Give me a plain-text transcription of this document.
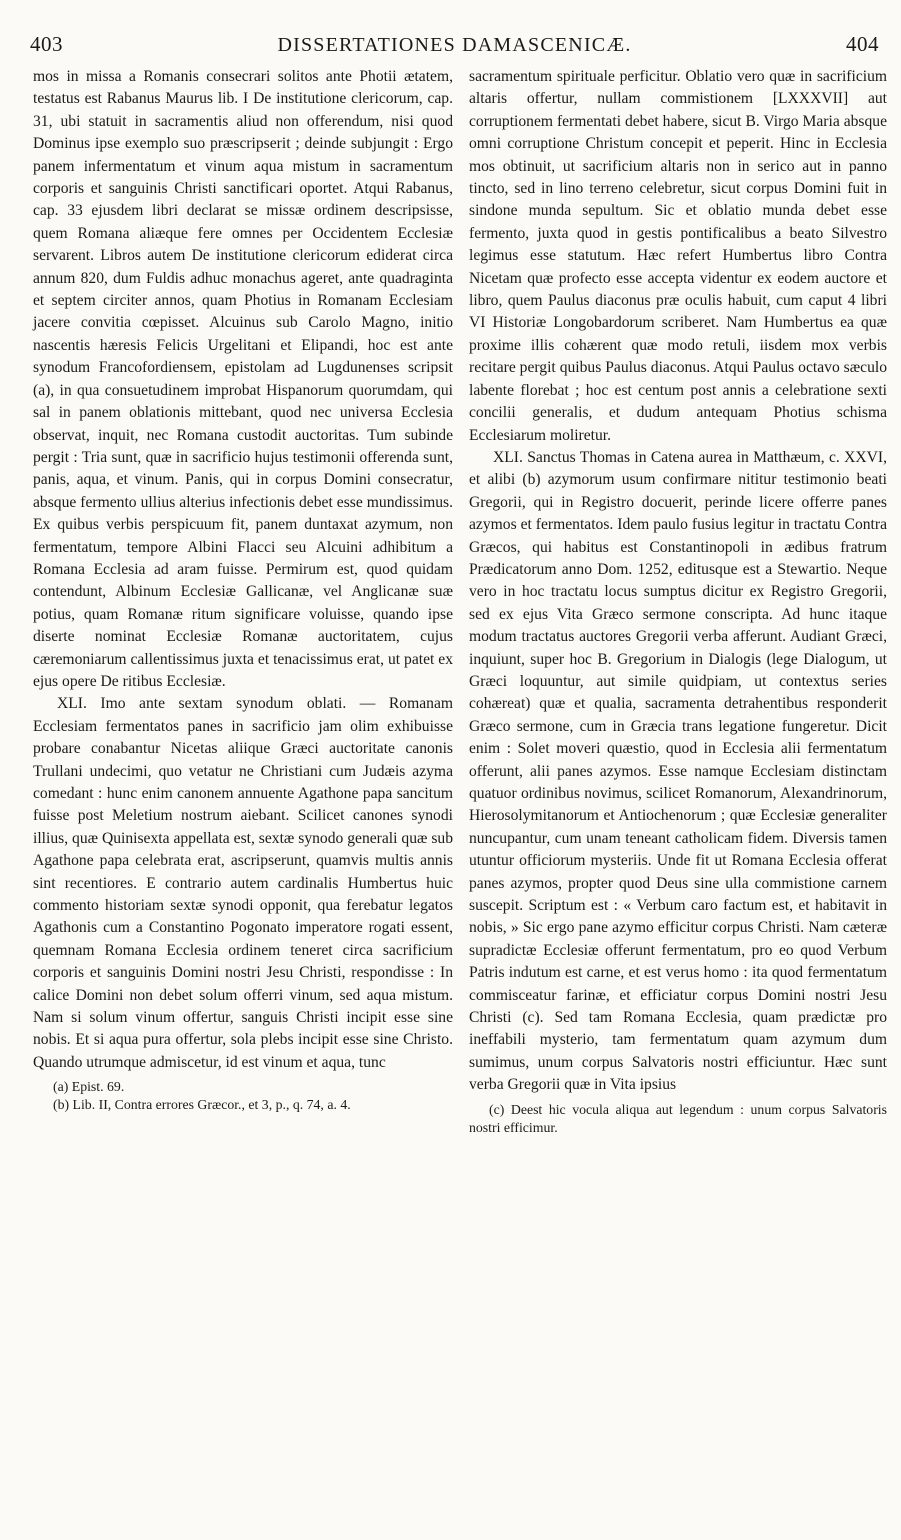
403	DISSERTATIONES DAMASCENICÆ.	404

mos in missa a Romanis consecrari solitos ante Photii ætatem, testatus est Rabanus Maurus lib. I De institutione clericorum, cap. 31, ubi statuit in sacramentis aliud non offerendum, nisi quod Dominus ipse exemplo suo præscripserit ; deinde subjungit : Ergo panem infermentatum et vinum aqua mistum in sacramentum corporis et sanguinis Christi sanctificari oportet. Atqui Rabanus, cap. 33 ejusdem libri declarat se missæ ordinem descripsisse, quem Romana aliæque fere omnes per Occidentem Ecclesiæ servarent. Libros autem De institutione clericorum ediderat circa annum 820, dum Fuldis adhuc monachus ageret, ante quadraginta et septem circiter annos, quam Photius in Romanam Ecclesiam jacere convitia cœpisset. Alcuinus sub Carolo Magno, initio nascentis hæresis Felicis Urgelitani et Elipandi, hoc est ante synodum Francofordiensem, epistolam ad Lugdunenses scripsit (a), in qua consuetudinem improbat Hispanorum quorumdam, qui sal in panem oblationis mittebant, quod nec universa Ecclesia observat, inquit, nec Romana custodit auctoritas. Tum subinde pergit : Tria sunt, quæ in sacrificio hujus testimonii offerenda sunt, panis, aqua, et vinum. Panis, qui in corpus Domini consecratur, absque fermento ullius alterius infectionis debet esse mundissimus. Ex quibus verbis perspicuum fit, panem duntaxat azymum, non fermentatum, tempore Albini Flacci seu Alcuini adhibitum a Romana Ecclesia ad aram fuisse. Permirum est, quod quidam contendunt, Albinum Ecclesiæ Gallicanæ, vel Anglicanæ suæ potius, quam Romanæ ritum significare voluisse, quando ipse diserte nominat Ecclesiæ Romanæ auctoritatem, cujus cæremoniarum callentissimus juxta et tenacissimus erat, ut patet ex ejus opere De ritibus Ecclesiæ.

XLI. Imo ante sextam synodum oblati. — Romanam Ecclesiam fermentatos panes in sacrificio jam olim exhibuisse probare conabantur Nicetas aliique Græci auctoritate canonis Trullani undecimi, quo vetatur ne Christiani cum Judæis azyma comedant : hunc enim canonem annuente Agathone papa sancitum fuisse post Meletium nostrum aiebant. Scilicet canones synodi illius, quæ Quinisexta appellata est, sextæ synodo generali quæ sub Agathone papa celebrata erat, ascripserunt, quamvis multis annis sint recentiores. E contrario autem cardinalis Humbertus huic commento historiam sextæ synodi opponit, qua ferebatur legatos Agathonis cum a Constantino Pogonato imperatore rogati essent, quemnam Romana Ecclesia ordinem teneret circa sacrificium corporis et sanguinis Domini nostri Jesu Christi, respondisse : In calice Domini non debet solum offerri vinum, sed aqua mistum. Nam si solum vinum offertur, sanguis Christi incipit esse sine nobis. Et si aqua pura offertur, sola plebs incipit esse sine Christo. Quando utrumque admiscetur, id est vinum et aqua, tunc

(a) Epist. 69.

(b) Lib. II, Contra errores Græcor., et 3, p., q. 74, a. 4.

sacramentum spirituale perficitur. Oblatio vero quæ in sacrificium altaris offertur, nullam commistionem [LXXXVII] aut corruptionem fermentati debet habere, sicut B. Virgo Maria absque omni corruptione Christum concepit et peperit. Hinc in Ecclesia mos obtinuit, ut sacrificium altaris non in serico aut in panno tincto, sed in lino terreno celebretur, sicut corpus Domini fuit in sindone munda sepultum. Sic et oblatio munda debet esse fermento, juxta quod in gestis pontificalibus a beato Silvestro legimus esse statutum. Hæc refert Humbertus libro Contra Nicetam quæ profecto esse accepta videntur ex eodem auctore et libro, quem Paulus diaconus præ oculis habuit, cum caput 4 libri VI Historiæ Longobardorum scriberet. Nam Humbertus ea quæ proxime illis cohærent quæ modo retuli, iisdem mox verbis recitare pergit quibus Paulus diaconus. Atqui Paulus octavo sæculo labente florebat ; hoc est centum post annis a celebratione sexti concilii generalis, et dudum antequam Photius schisma Ecclesiarum moliretur.

XLI. Sanctus Thomas in Catena aurea in Matthæum, c. XXVI, et alibi (b) azymorum usum confirmare nititur testimonio beati Gregorii, qui in Registro docuerit, perinde licere offerre panes azymos et fermentatos. Idem paulo fusius legitur in tractatu Contra Græcos, qui habitus est Constantinopoli in ædibus fratrum Prædicatorum anno Dom. 1252, editusque est a Stewartio. Neque vero in hoc tractatu locus sumptus dicitur ex Registro Gregorii, sed ex ejus Vita Græco sermone conscripta. Ad hunc itaque modum tractatus auctores Gregorii verba afferunt. Audiant Græci, inquiunt, super hoc B. Gregorium in Dialogis (lege Dialogum, ut Græci loquuntur, aut simile quidpiam, ut contextus series cohæreat) quæ et qualia, sacramenta detrahentibus responderit Græco sermone, cum in Græcia trans legatione fungeretur. Dicit enim : Solet moveri quæstio, quod in Ecclesia alii fermentatum offerunt, alii panes azymos. Esse namque Ecclesiam distinctam quatuor ordinibus novimus, scilicet Romanorum, Alexandrinorum, Hierosolymitanorum et Antiochenorum ; quæ Ecclesiæ generaliter nuncupantur, cum unam teneant catholicam fidem. Diversis tamen utuntur officiorum mysteriis. Unde fit ut Romana Ecclesia offerat panes azymos, propter quod Deus sine ulla commistione carnem suscepit. Scriptum est : « Verbum caro factum est, et habitavit in nobis, » Sic ergo pane azymo efficitur corpus Christi. Nam cæteræ supradictæ Ecclesiæ offerunt fermentatum, pro eo quod Verbum Patris indutum est carne, et est verus homo : ita quod fermentatum commisceatur farinæ, et efficiatur corpus Domini nostri Jesu Christi (c). Sed tam Romana Ecclesia, quam prædictæ pro ineffabili mysterio, tam fermentatum quam azymum dum sumimus, unum corpus Salvatoris nostri efficiuntur. Hæc sunt verba Gregorii quæ in Vita ipsius

(c) Deest hic vocula aliqua aut legendum : unum corpus Salvatoris nostri efficimur.
